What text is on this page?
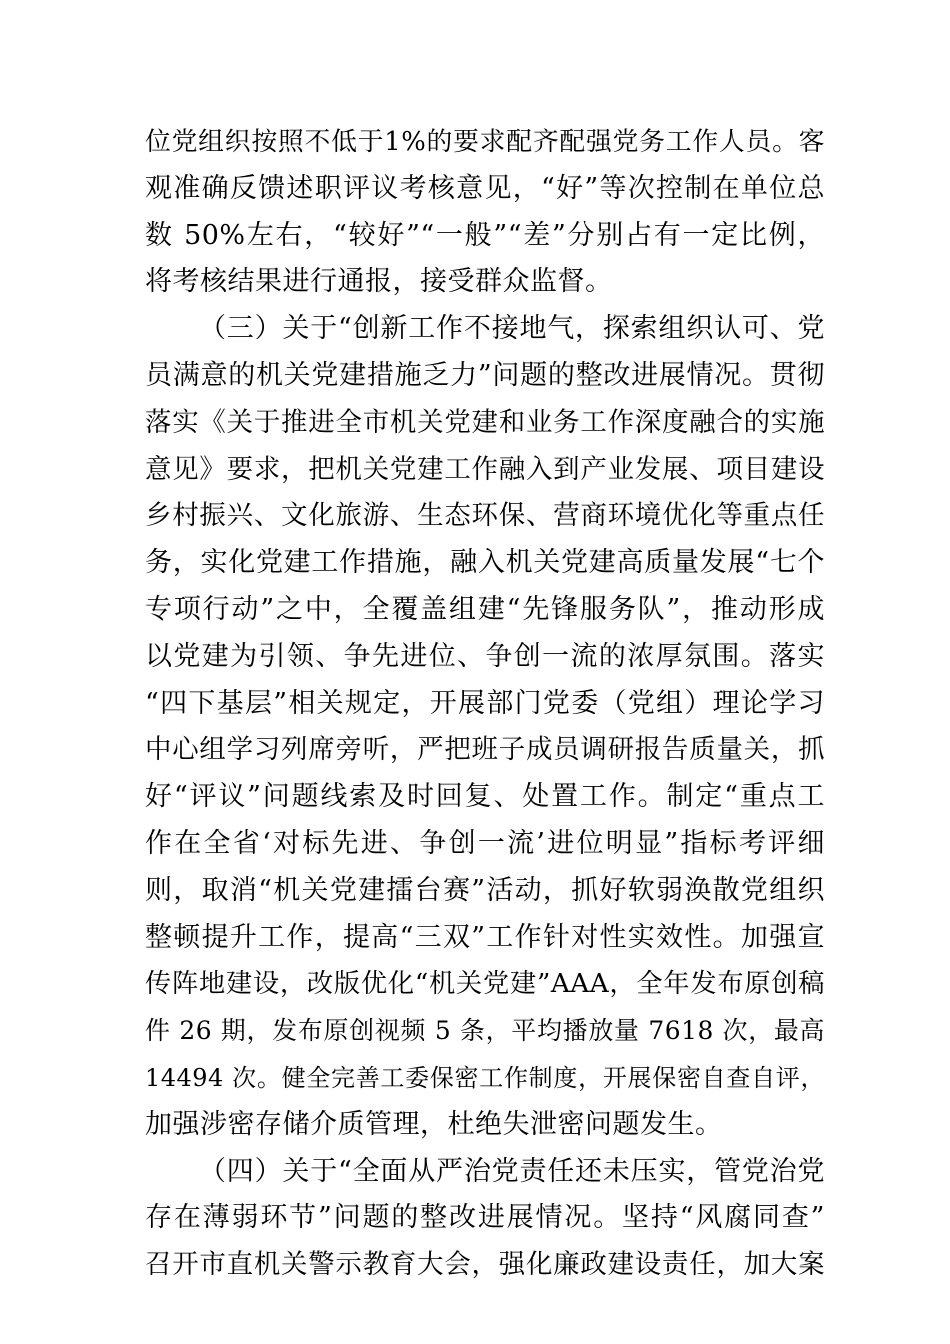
位党组织按照不低于1%的要求配齐配强党务工作人员。客
观准确反馈述职评议考核意见，“好”等次控制在单位总
数 50%左右，“较好”“一般”“差”分别占有一定比例，
将考核结果进行通报，接受群众监督。
（三）关于“创新工作不接地气，探索组织认可、党
员满意的机关党建措施乏力”问题的整改进展情况。贯彻
落实《关于推进全市机关党建和业务工作深度融合的实施
意见》要求，把机关党建工作融入到产业发展、项目建设
乡村振兴、文化旅游、生态环保、营商环境优化等重点任
务，实化党建工作措施，融入机关党建高质量发展“七个
专项行动”之中，全覆盖组建“先锋服务队”，推动形成
以党建为引领、争先进位、争创一流的浓厚氛围。落实
“四下基层”相关规定，开展部门党委（党组）理论学习
中心组学习列席旁听，严把班子成员调研报告质量关，抓
好“评议”问题线索及时回复、处置工作。制定“重点工
作在全省‘对标先进、争创一流’进位明显”指标考评细
则，取消“机关党建擂台赛”活动，抓好软弱涣散党组织
整顿提升工作，提高“三双”工作针对性实效性。加强宣
传阵地建设，改版优化“机关党建”AAA，全年发布原创稿
件 26 期，发布原创视频 5 条，平均播放量 7618 次，最高
14494 次。健全完善工委保密工作制度，开展保密自查自评，
加强涉密存储介质管理，杜绝失泄密问题发生。
（四）关于“全面从严治党责任还未压实，管党治党
存在薄弱环节”问题的整改进展情况。坚持“风腐同查”
召开市直机关警示教育大会，强化廉政建设责任，加大案
